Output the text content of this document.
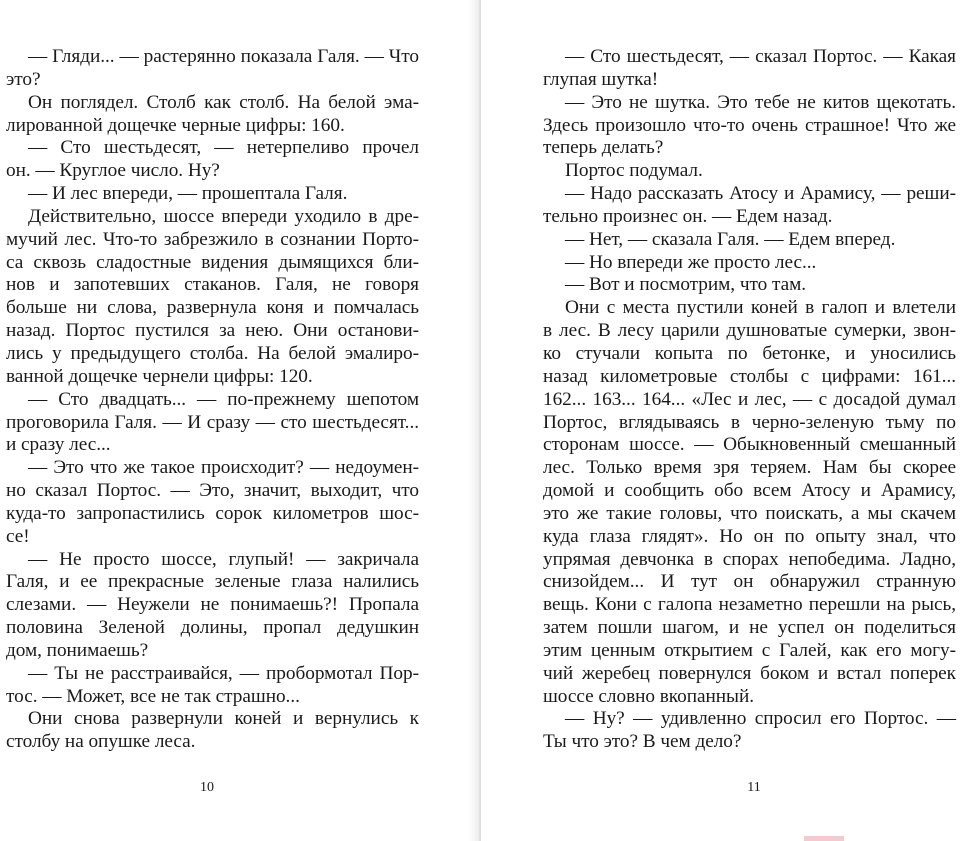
— Гляди... — растерянно показала Галя. — Что
это?
Он поглядел. Столб как столб. На белой эма-
лированной дощечке черные цифры: 160.
— Сто шестьдесят, — нетерпеливо прочел
он. — Круглое число. Ну?
— И лес впереди, — прошептала Галя.
Действительно, шоссе впереди уходило в дре-
мучий лес. Что-то забрезжило в сознании Порто-
са сквозь сладостные видения дымящихся бли-
нов и запотевших стаканов. Галя, не говоря
больше ни слова, развернула коня и помчалась
назад. Портос пустился за нею. Они останови-
лись у предыдущего столба. На белой эмалиро-
ванной дощечке чернели цифры: 120.
— Сто двадцать... — по-прежнему шепотом
проговорила Галя. — И сразу — сто шестьдесят...
и сразу лес...
— Это что же такое происходит? — недоумен-
но сказал Портос. — Это, значит, выходит, что
куда-то запропастились сорок километров шос-
се!
— Не просто шоссе, глупый! — закричала
Галя, и ее прекрасные зеленые глаза налились
слезами. — Неужели не понимаешь?! Пропала
половина Зеленой долины, пропал дедушкин
дом, понимаешь?
— Ты не расстраивайся, — пробормотал Пор-
тос. — Может, все не так страшно...
Они снова развернули коней и вернулись к
столбу на опушке леса.
10
— Сто шестьдесят, — сказал Портос. — Какая
глупая шутка!
— Это не шутка. Это тебе не китов щекотать.
Здесь произошло что-то очень страшное! Что же
теперь делать?
Портос подумал.
— Надо рассказать Атосу и Арамису, — реши-
тельно произнес он. — Едем назад.
— Нет, — сказала Галя. — Едем вперед.
— Но впереди же просто лес...
— Вот и посмотрим, что там.
Они с места пустили коней в галоп и влетели
в лес. В лесу царили душноватые сумерки, звон-
ко стучали копыта по бетонке, и уносились
назад километровые столбы с цифрами: 161...
162... 163... 164... «Лес и лес, — с досадой думал
Портос, вглядываясь в черно-зеленую тьму по
сторонам шоссе. — Обыкновенный смешанный
лес. Только время зря теряем. Нам бы скорее
домой и сообщить обо всем Атосу и Арамису,
это же такие головы, что поискать, а мы скачем
куда глаза глядят». Но он по опыту знал, что
упрямая девчонка в спорах непобедима. Ладно,
снизойдем... И тут он обнаружил странную
вещь. Кони с галопа незаметно перешли на рысь,
затем пошли шагом, и не успел он поделиться
этим ценным открытием с Галей, как его могу-
чий жеребец повернулся боком и встал поперек
шоссе словно вкопанный.
— Ну? — удивленно спросил его Портос. —
Ты что это? В чем дело?
11
